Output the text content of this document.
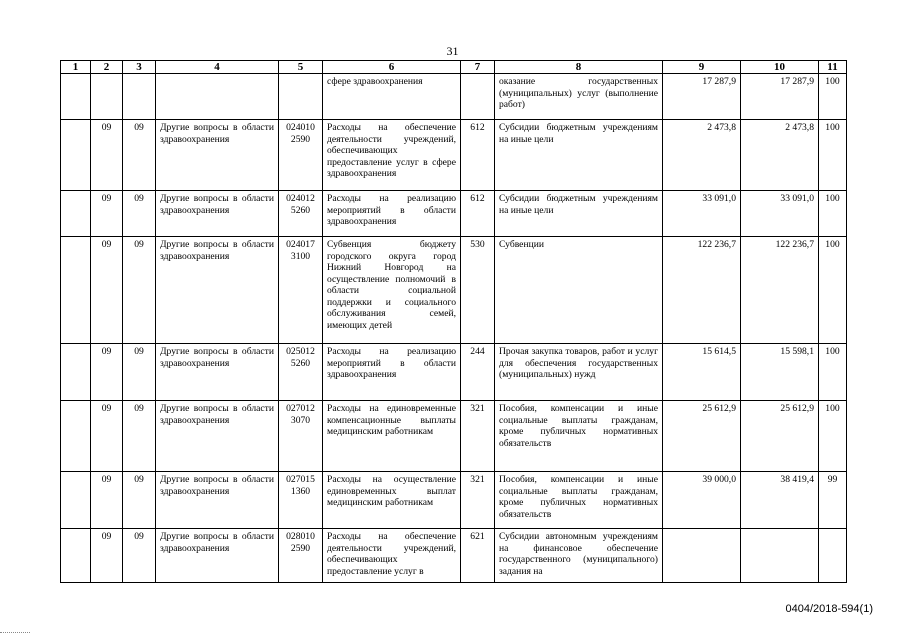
31
1	2	3	4	5	6	7	8	9	10	11
					сфере здравоохранения		оказание государственных (муниципальных) услуг (выполнение работ)	17 287,9	17 287,9	100
	09	09	Другие вопросы в области здравоохранения	024010 2590	Расходы на обеспечение деятельности учреждений, обеспечивающих предоставление услуг в сфере здравоохранения	612	Субсидии бюджетным учреждениям на иные цели	2 473,8	2 473,8	100
	09	09	Другие вопросы в области здравоохранения	024012 5260	Расходы на реализацию мероприятий в области здравоохранения	612	Субсидии бюджетным учреждениям на иные цели	33 091,0	33 091,0	100
	09	09	Другие вопросы в области здравоохранения	024017 3100	Субвенция бюджету городского округа город Нижний Новгород на осуществление полномочий в области социальной поддержки и социального обслуживания семей, имеющих детей	530	Субвенции	122 236,7	122 236,7	100
	09	09	Другие вопросы в области здравоохранения	025012 5260	Расходы на реализацию мероприятий в области здравоохранения	244	Прочая закупка товаров, работ и услуг для обеспечения государственных (муниципальных) нужд	15 614,5	15 598,1	100
	09	09	Другие вопросы в области здравоохранения	027012 3070	Расходы на единовременные компенсационные выплаты медицинским работникам	321	Пособия, компенсации и иные социальные выплаты гражданам, кроме публичных нормативных обязательств	25 612,9	25 612,9	100
	09	09	Другие вопросы в области здравоохранения	027015 1360	Расходы на осуществление единовременных выплат медицинским работникам	321	Пособия, компенсации и иные социальные выплаты гражданам, кроме публичных нормативных обязательств	39 000,0	38 419,4	99
	09	09	Другие вопросы в области здравоохранения	028010 2590	Расходы на обеспечение деятельности учреждений, обеспечивающих предоставление услуг в	621	Субсидии автономным учреждениям на финансовое обеспечение государственного (муниципального) задания на			
0404/2018-594(1)
